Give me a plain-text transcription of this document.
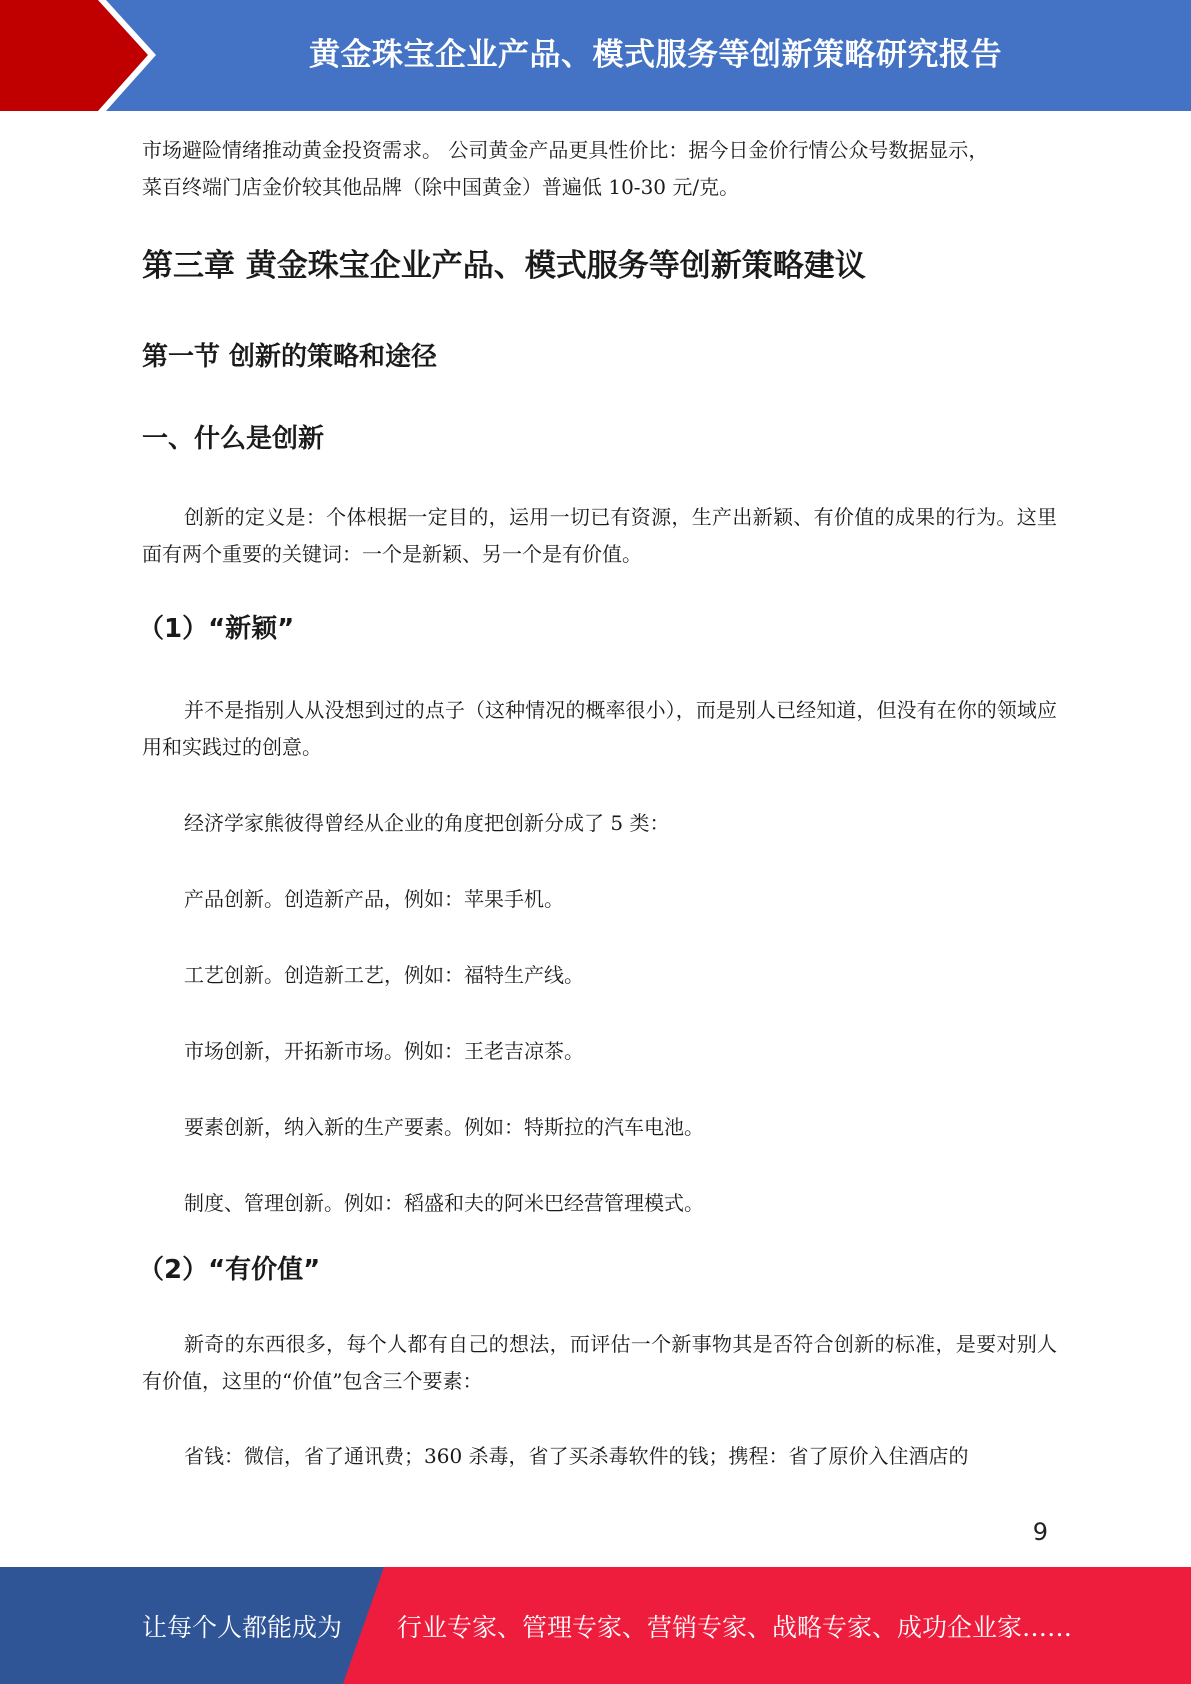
黄金珠宝企业产品、模式服务等创新策略研究报告

市场避险情绪推动黄金投资需求。 公司黄金产品更具性价比：据今日金价行情公众号数据显示，

菜百终端门店金价较其他品牌（除中国黄金）普遍低 10-30 元/克。

第三章 黄金珠宝企业产品、模式服务等创新策略建议
第一节 创新的策略和途径
一、什么是创新

创新的定义是：个体根据一定目的，运用一切已有资源，生产出新颖、有价值的成果的行为。这里面有两个重要的关键词：一个是新颖、另一个是有价值。

（1）“新颖”

并不是指别人从没想到过的点子（这种情况的概率很小），而是别人已经知道，但没有在你的领域应用和实践过的创意。

经济学家熊彼得曾经从企业的角度把创新分成了 5 类：

产品创新。创造新产品，例如：苹果手机。

工艺创新。创造新工艺，例如：福特生产线。

市场创新，开拓新市场。例如：王老吉凉茶。

要素创新，纳入新的生产要素。例如：特斯拉的汽车电池。

制度、管理创新。例如：稻盛和夫的阿米巴经营管理模式。

（2）“有价值”

新奇的东西很多，每个人都有自己的想法，而评估一个新事物其是否符合创新的标准，是要对别人有价值，这里的“价值”包含三个要素：

省钱：微信，省了通讯费；360 杀毒，省了买杀毒软件的钱；携程：省了原价入住酒店的

9
让每个人都能成为 行业专家、管理专家、营销专家、战略专家、成功企业家……
